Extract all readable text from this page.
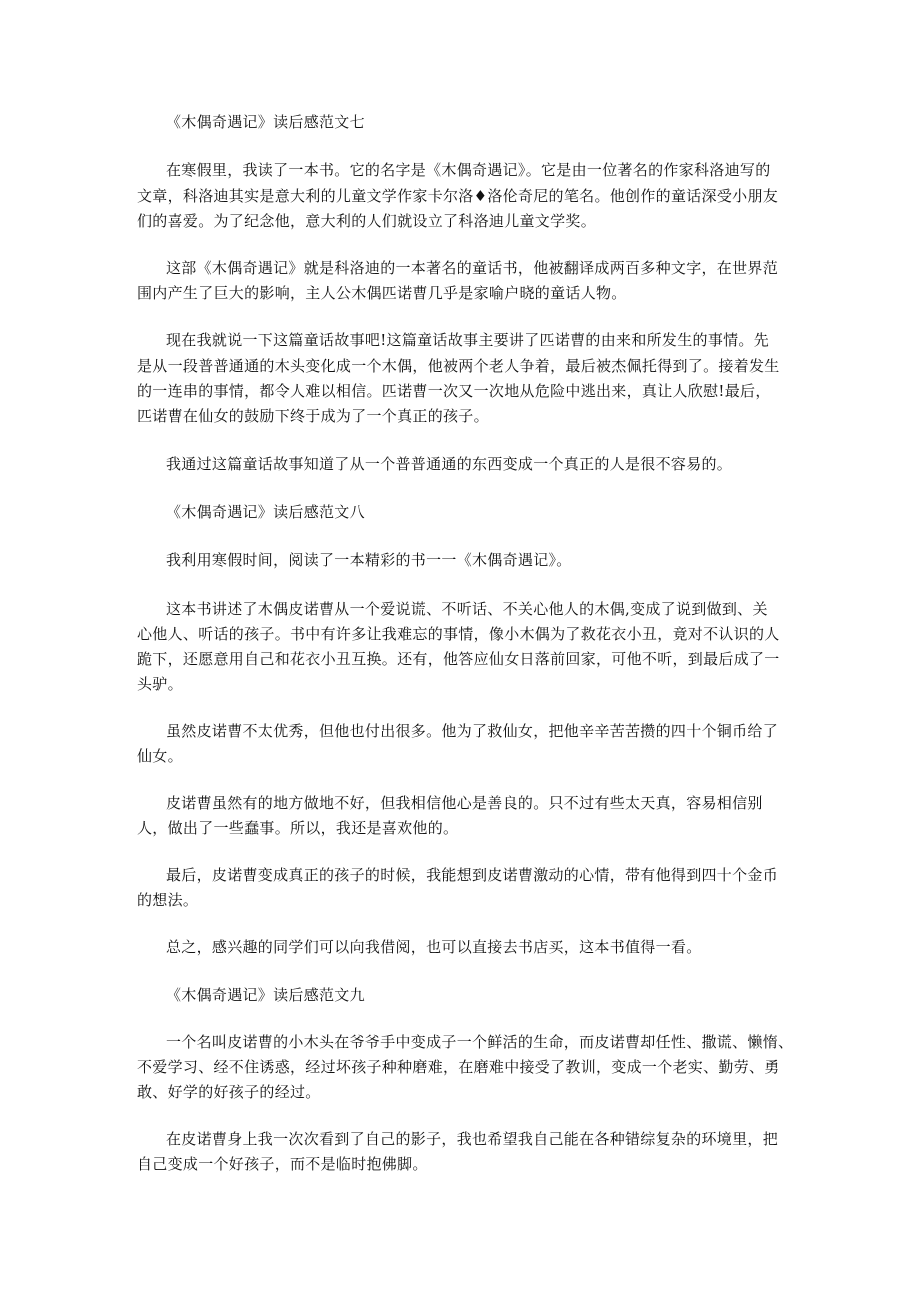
《木偶奇遇记》读后感范文七
在寒假里，我读了一本书。它的名字是《木偶奇遇记》。它是由一位著名的作家科洛迪写的
文章，科洛迪其实是意大利的儿童文学作家卡尔洛♦洛伦奇尼的笔名。他创作的童话深受小朋友
们的喜爱。为了纪念他，意大利的人们就设立了科洛迪儿童文学奖。
这部《木偶奇遇记》就是科洛迪的一本著名的童话书，他被翻译成两百多种文字，在世界范
围内产生了巨大的影响，主人公木偶匹诺曹几乎是家喻户晓的童话人物。
现在我就说一下这篇童话故事吧!这篇童话故事主要讲了匹诺曹的由来和所发生的事情。先
是从一段普普通通的木头变化成一个木偶，他被两个老人争着，最后被杰佩托得到了。接着发生
的一连串的事情，都令人难以相信。匹诺曹一次又一次地从危险中逃出来，真让人欣慰!最后，
匹诺曹在仙女的鼓励下终于成为了一个真正的孩子。
我通过这篇童话故事知道了从一个普普通通的东西变成一个真正的人是很不容易的。
《木偶奇遇记》读后感范文八
我利用寒假时间，阅读了一本精彩的书一一《木偶奇遇记》。
这本书讲述了木偶皮诺曹从一个爱说谎、不听话、不关心他人的木偶,变成了说到做到、关
心他人、听话的孩子。书中有许多让我难忘的事情，像小木偶为了救花衣小丑，竟对不认识的人
跪下，还愿意用自己和花衣小丑互换。还有，他答应仙女日落前回家，可他不听，到最后成了一
头驴。
虽然皮诺曹不太优秀，但他也付出很多。他为了救仙女，把他辛辛苦苦攒的四十个铜币给了
仙女。
皮诺曹虽然有的地方做地不好，但我相信他心是善良的。只不过有些太天真，容易相信别
人，做出了一些蠢事。所以，我还是喜欢他的。
最后，皮诺曹变成真正的孩子的时候，我能想到皮诺曹激动的心情，带有他得到四十个金币
的想法。
总之，感兴趣的同学们可以向我借阅，也可以直接去书店买，这本书值得一看。
《木偶奇遇记》读后感范文九
一个名叫皮诺曹的小木头在爷爷手中变成子一个鲜活的生命，而皮诺曹却任性、撒谎、懒惰、
不爱学习、经不住诱惑，经过坏孩子种种磨难，在磨难中接受了教训，变成一个老实、勤劳、勇
敢、好学的好孩子的经过。
在皮诺曹身上我一次次看到了自己的影子，我也希望我自己能在各种错综复杂的环境里，把
自己变成一个好孩子，而不是临时抱佛脚。
